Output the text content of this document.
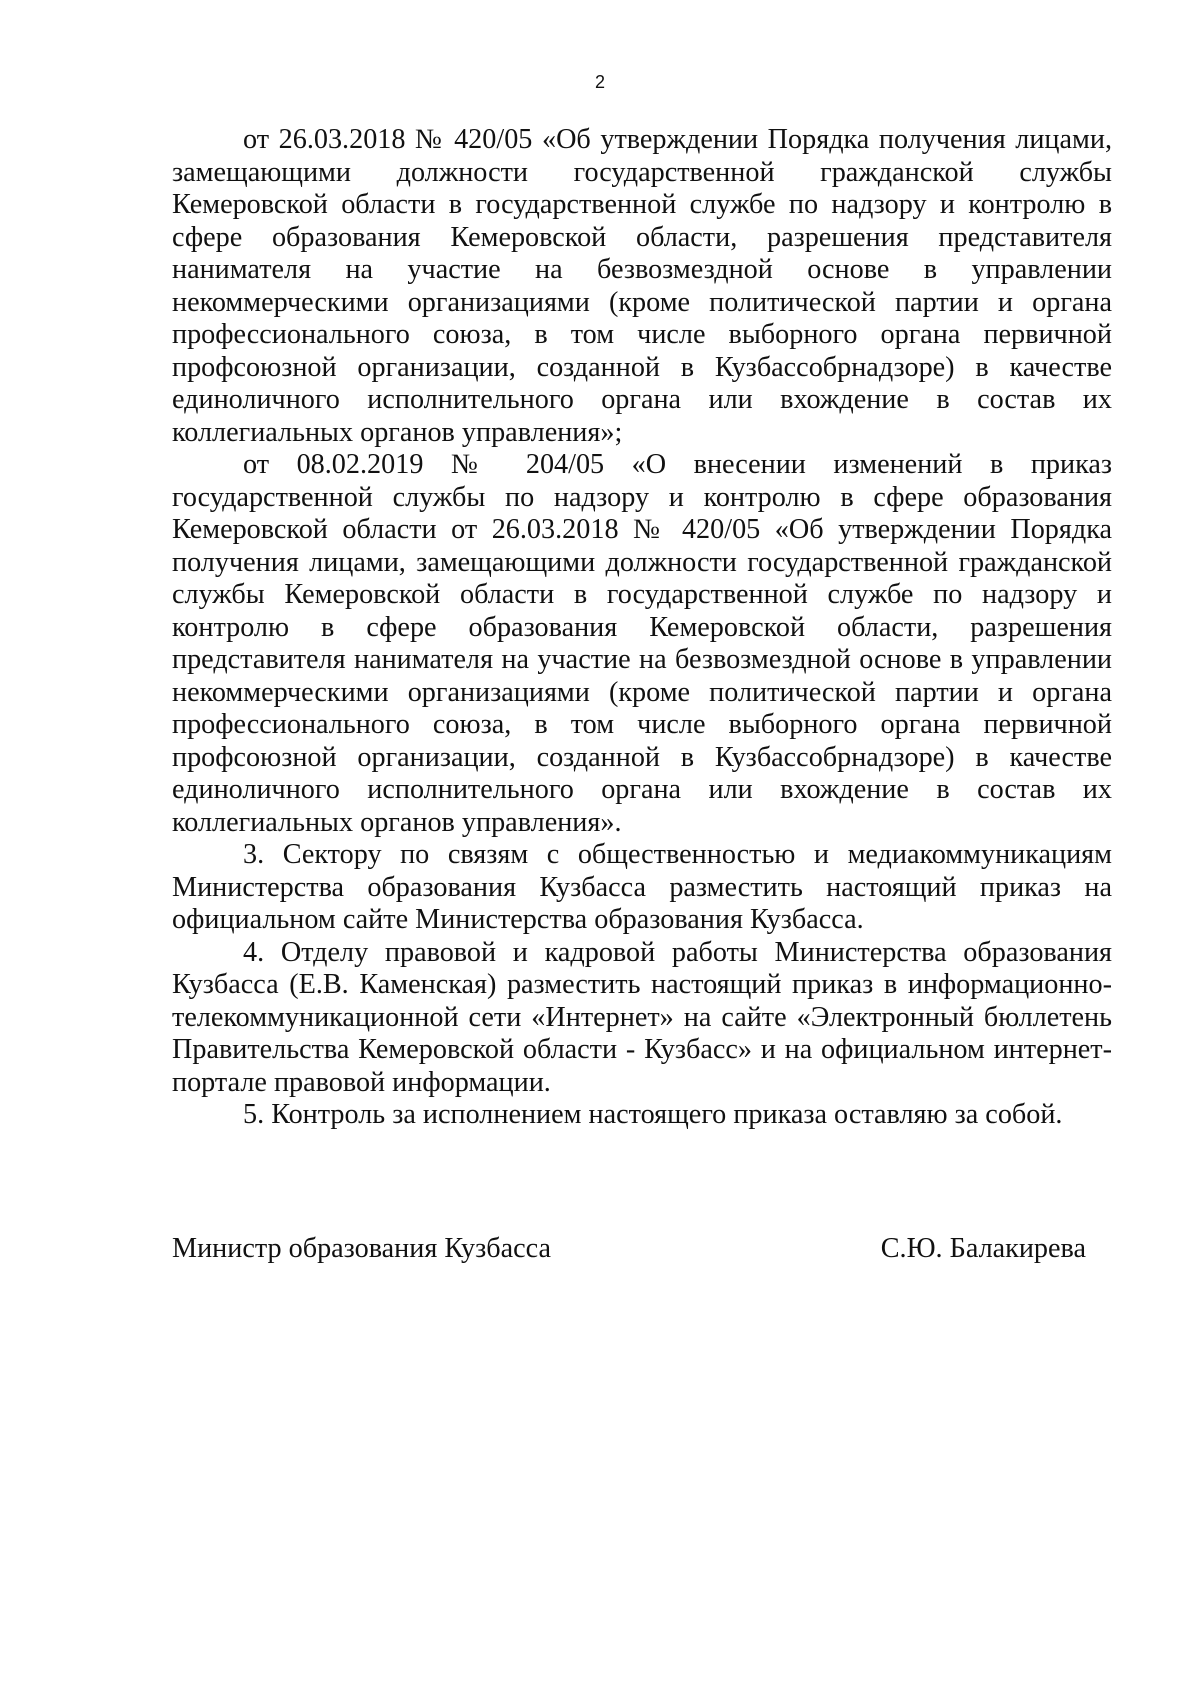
2

от 26.03.2018 № 420/05 «Об утверждении Порядка получения лицами, замещающими должности государственной гражданской службы Кемеровской области в государственной службе по надзору и контролю в сфере образования Кемеровской области, разрешения представителя нанимателя на участие на безвозмездной основе в управлении некоммерческими организациями (кроме политической партии и органа профессионального союза, в том числе выборного органа первичной профсоюзной организации, созданной в Кузбассобрнадзоре) в качестве единоличного исполнительного органа или вхождение в состав их коллегиальных органов управления»;

от 08.02.2019 № 204/05 «О внесении изменений в приказ государственной службы по надзору и контролю в сфере образования Кемеровской области от 26.03.2018 № 420/05 «Об утверждении Порядка получения лицами, замещающими должности государственной гражданской службы Кемеровской области в государственной службе по надзору и контролю в сфере образования Кемеровской области, разрешения представителя нанимателя на участие на безвозмездной основе в управлении некоммерческими организациями (кроме политической партии и органа профессионального союза, в том числе выборного органа первичной профсоюзной организации, созданной в Кузбассобрнадзоре) в качестве единоличного исполнительного органа или вхождение в состав их коллегиальных органов управления».

3. Сектору по связям с общественностью и медиакоммуникациям Министерства образования Кузбасса разместить настоящий приказ на официальном сайте Министерства образования Кузбасса.

4. Отделу правовой и кадровой работы Министерства образования Кузбасса (Е.В. Каменская) разместить настоящий приказ в информационно-телекоммуникационной сети «Интернет» на сайте «Электронный бюллетень Правительства Кемеровской области - Кузбасс» и на официальном интернет-портале правовой информации.

5. Контроль за исполнением настоящего приказа оставляю за собой.

Министр образования Кузбасса	С.Ю. Балакирева
